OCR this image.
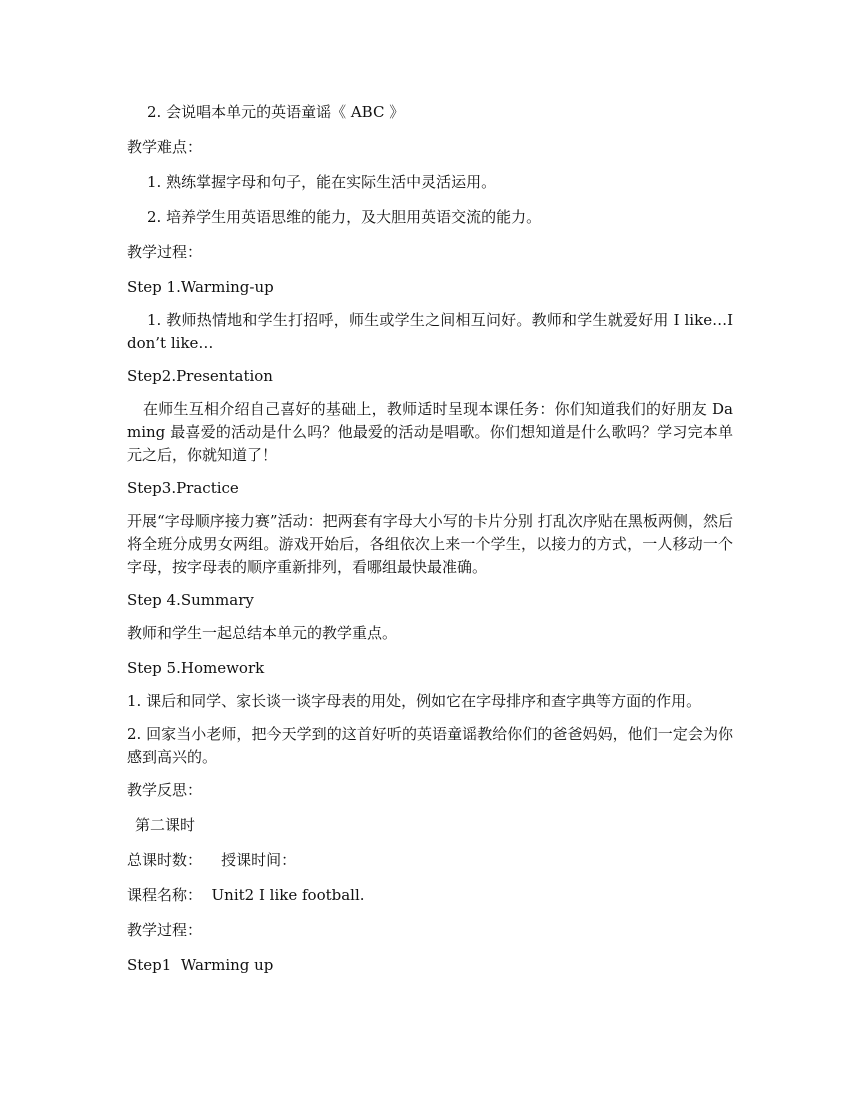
2. 会说唱本单元的英语童谣《 ABC 》

教学难点：

1. 熟练掌握字母和句子，能在实际生活中灵活运用。

2. 培养学生用英语思维的能力，及大胆用英语交流的能力。

教学过程：

Step 1.Warming-up

1. 教师热情地和学生打招呼，师生或学生之间相互问好。教师和学生就爱好用 I like…I don’t like…

Step2.Presentation

在师生互相介绍自己喜好的基础上，教师适时呈现本课任务：你们知道我们的好朋友 Daming 最喜爱的活动是什么吗？他最爱的活动是唱歌。你们想知道是什么歌吗？学习完本单元之后，你就知道了！

Step3.Practice

开展“字母顺序接力赛”活动：把两套有字母大小写的卡片分别 打乱次序贴在黑板两侧，然后将全班分成男女两组。游戏开始后，各组依次上来一个学生，以接力的方式，一人移动一个字母，按字母表的顺序重新排列，看哪组最快最准确。

Step 4.Summary

教师和学生一起总结本单元的教学重点。

Step 5.Homework

1. 课后和同学、家长谈一谈字母表的用处，例如它在字母排序和查字典等方面的作用。

2. 回家当小老师，把今天学到的这首好听的英语童谣教给你们的爸爸妈妈，他们一定会为你感到高兴的。

教学反思：

第二课时

总课时数：    授课时间：

课程名称：  Unit2 I like football.

教学过程：

Step1  Warming up
